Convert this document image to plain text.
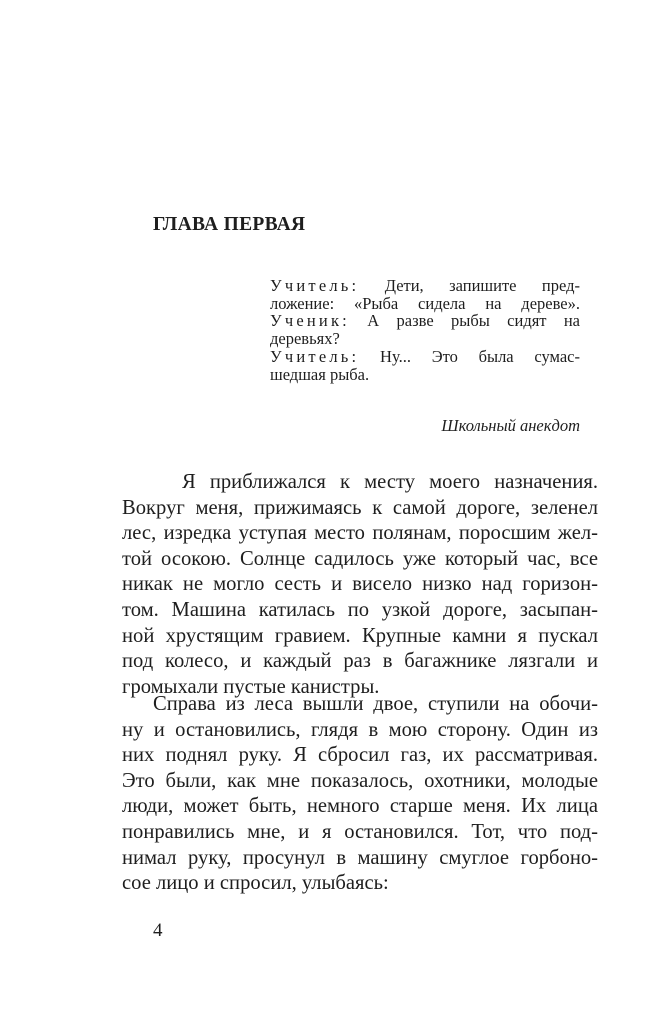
ГЛАВА ПЕРВАЯ
Учитель: Дети, запишите пред-
ложение: «Рыба сидела на дереве».
Ученик: А разве рыбы сидят на
деревьях?
Учитель: Ну... Это была сумас-
шедшая рыба.
Школьный анекдот
Я приближался к месту моего назначения.
Вокруг меня, прижимаясь к самой дороге, зеленел
лес, изредка уступая место полянам, поросшим жел-
той осокою. Солнце садилось уже который час, все
никак не могло сесть и висело низко над горизон-
том. Машина катилась по узкой дороге, засыпан-
ной хрустящим гравием. Крупные камни я пускал
под колесо, и каждый раз в багажнике лязгали и
громыхали пустые канистры.
Справа из леса вышли двое, ступили на обочи-
ну и остановились, глядя в мою сторону. Один из
них поднял руку. Я сбросил газ, их рассматривая.
Это были, как мне показалось, охотники, молодые
люди, может быть, немного старше меня. Их лица
понравились мне, и я остановился. Тот, что под-
нимал руку, просунул в машину смуглое горбоно-
сое лицо и спросил, улыбаясь:
4
